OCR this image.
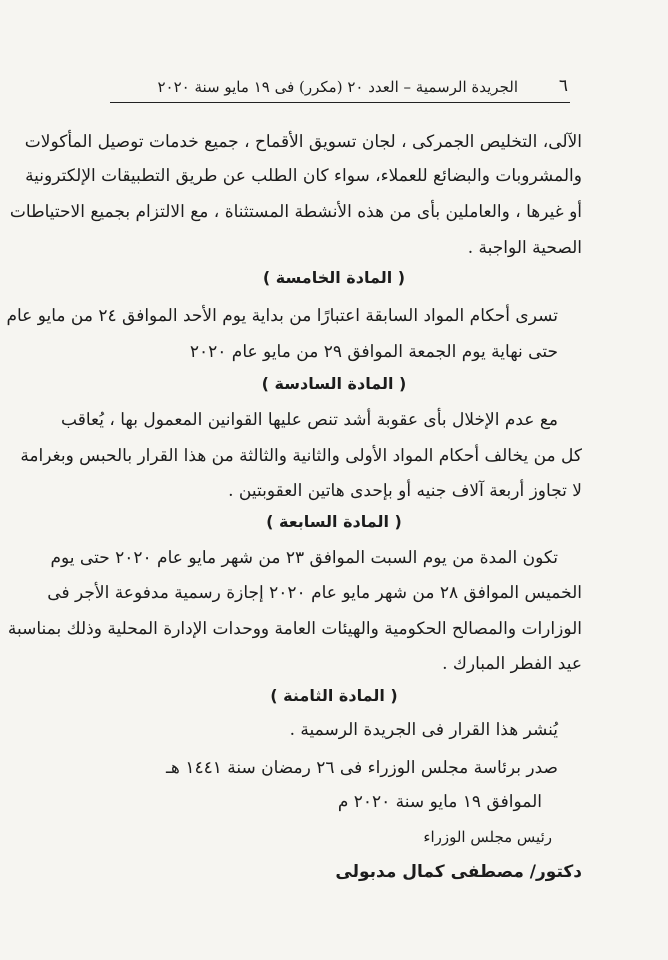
٦
الجريدة الرسمية – العدد ٢٠ (مكرر) فى ١٩ مايو سنة ٢٠٢٠
الآلى، التخليص الجمركى ، لجان تسويق الأقماح ، جميع خدمات توصيل المأكولات
والمشروبات والبضائع للعملاء، سواء كان الطلب عن طريق التطبيقات الإلكترونية
أو غيرها ، والعاملين بأى من هذه الأنشطة المستثناة ، مع الالتزام بجميع الاحتياطات
الصحية الواجبة .
( المادة الخامسة )
تسرى أحكام المواد السابقة اعتبارًا من بداية يوم الأحد الموافق ٢٤ من مايو عام
حتى نهاية يوم الجمعة الموافق ٢٩ من مايو عام ٢٠٢٠
( المادة السادسة )
مع عدم الإخلال بأى عقوبة أشد تنص عليها القوانين المعمول بها ، يُعاقب
كل من يخالف أحكام المواد الأولى والثانية والثالثة من هذا القرار بالحبس وبغرامة
لا تجاوز أربعة آلاف جنيه أو بإحدى هاتين العقوبتين .
( المادة السابعة )
تكون المدة من يوم السبت الموافق ٢٣ من شهر مايو عام ٢٠٢٠ حتى يوم
الخميس الموافق ٢٨ من شهر مايو عام ٢٠٢٠ إجازة رسمية مدفوعة الأجر فى
الوزارات والمصالح الحكومية والهيئات العامة ووحدات الإدارة المحلية وذلك بمناسبة
عيد الفطر المبارك .
( المادة الثامنة )
يُنشر هذا القرار فى الجريدة الرسمية .
صدر برئاسة مجلس الوزراء فى ٢٦ رمضان سنة ١٤٤١ هـ
الموافق ١٩ مايو سنة ٢٠٢٠ م
رئيس مجلس الوزراء
دكتور/ مصطفى كمال مدبولى
